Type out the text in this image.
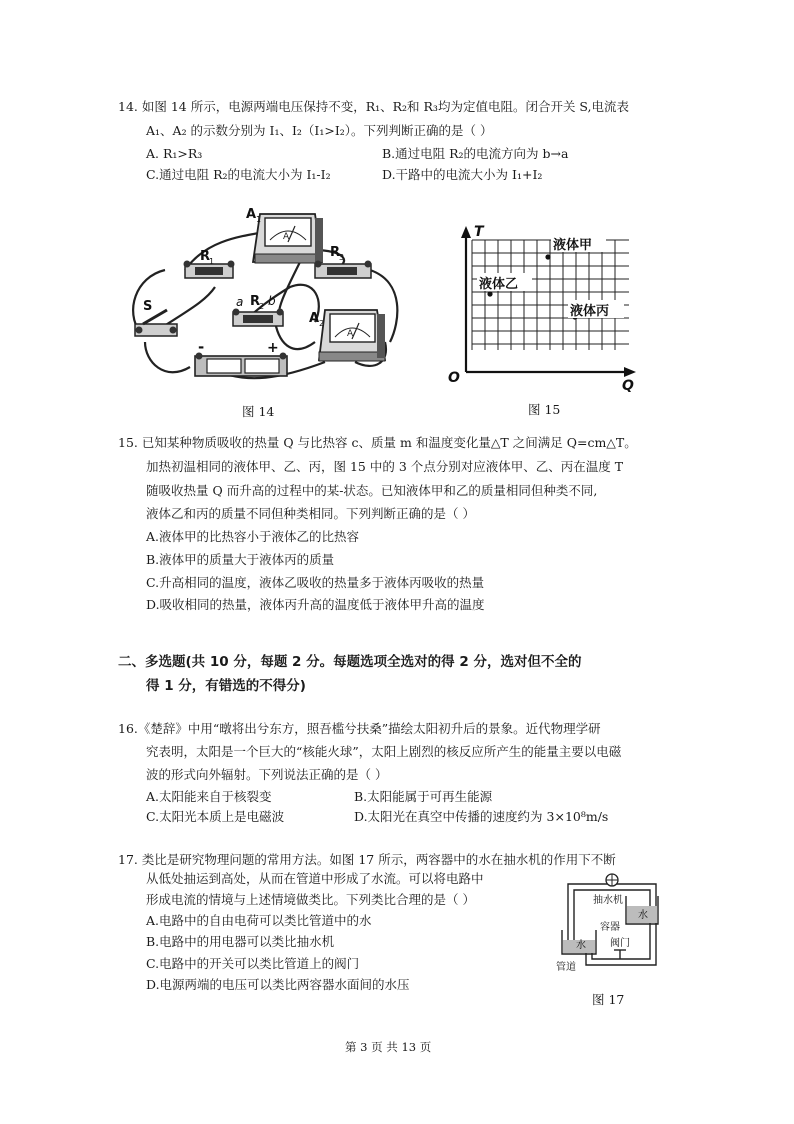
14. 如图 14 所示，电源两端电压保持不变，R₁、R₂和 R₃均为定值电阻。闭合开关 S,电流表
A₁、A₂ 的示数分别为 I₁、I₂（I₁>I₂）。下列判断正确的是（ ）
A. R₁>R₃	B.通过电阻 R₂的电流方向为 b→a
C.通过电阻 R₂的电流大小为 I₁-I₂	D.干路中的电流大小为 I₁+I₂
A
A 1
R
1
R
3
a R
2 b
S
-	+
A
A 2
图 14
T
Q
O
液体甲
液体乙
液体丙
图 15
15. 已知某种物质吸收的热量 Q 与比热容 c、质量 m 和温度变化量△T 之间满足 Q=cm△T。
加热初温相同的液体甲、乙、丙，图 15 中的 3 个点分别对应液体甲、乙、丙在温度 T
随吸收热量 Q 而升高的过程中的某-状态。已知液体甲和乙的质量相同但种类不同,
液体乙和丙的质量不同但种类相同。下列判断正确的是（ ）
A.液体甲的比热容小于液体乙的比热容
B.液体甲的质量大于液体丙的质量
C.升高相同的温度，液体乙吸收的热量多于液体丙吸收的热量
D.吸收相同的热量，液体丙升高的温度低于液体甲升高的温度
二、多选题(共 10 分，每题 2 分。每题选项全选对的得 2 分，选对但不全的
得 1 分，有错选的不得分)
16.《楚辞》中用“暾将出兮东方，照吾槛兮扶桑”描绘太阳初升后的景象。近代物理学研
究表明，太阳是一个巨大的“核能火球”，太阳上剧烈的核反应所产生的能量主要以电磁
波的形式向外辐射。下列说法正确的是（ ）
A.太阳能来自于核裂变	B.太阳能属于可再生能源
C.太阳光本质上是电磁波	D.太阳光在真空中传播的速度约为 3×10⁸m/s
17. 类比是研究物理问题的常用方法。如图 17 所示，两容器中的水在抽水机的作用下不断
从低处抽运到高处，从而在管道中形成了水流。可以将电路中
形成电流的情境与上述情境做类比。下列类比合理的是（ ）
A.电路中的自由电荷可以类比管道中的水
B.电路中的用电器可以类比抽水机
C.电路中的开关可以类比管道上的阀门
D.电源两端的电压可以类比两容器水面间的水压
抽水机
水
容器
水 阀门
管道
图 17
第 3 页 共 13 页
